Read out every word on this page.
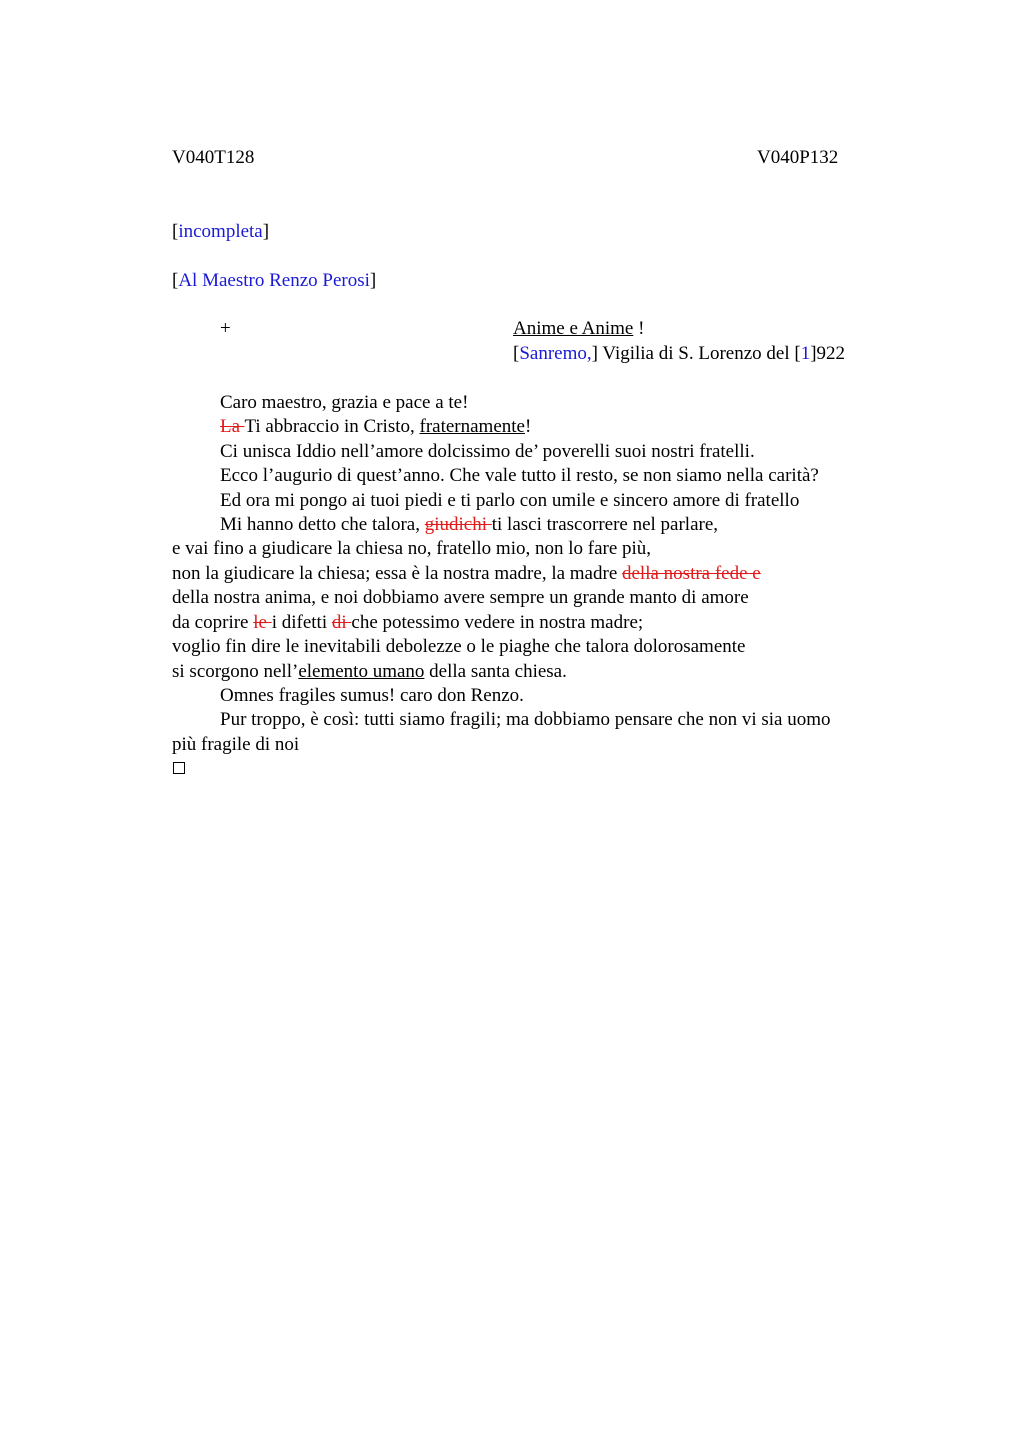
V040T128	V040P132
[incompleta]
[Al Maestro Renzo Perosi]
+	Anime e Anime !
[Sanremo,] Vigilia di S. Lorenzo del [1]922
Caro maestro, grazia e pace a te!
La Ti abbraccio in Cristo, fraternamente!
Ci unisca Iddio nell’amore dolcissimo de’ poverelli suoi nostri fratelli.
Ecco l’augurio di quest’anno. Che vale tutto il resto, se non siamo nella carità?
Ed ora mi pongo ai tuoi piedi e ti parlo con umile e sincero amore di fratello
Mi hanno detto che talora, giudichi ti lasci trascorrere nel parlare,
e vai fino a giudicare la chiesa no, fratello mio, non lo fare più,
non la giudicare la chiesa; essa è la nostra madre, la madre della nostra fede e
della nostra anima, e noi dobbiamo avere sempre un grande manto di amore
da coprire le i difetti di che potessimo vedere in nostra madre;
voglio fin dire le inevitabili debolezze o le piaghe che talora dolorosamente
si scorgono nell’elemento umano della santa chiesa.
Omnes fragiles sumus! caro don Renzo.
Pur troppo, è così: tutti siamo fragili; ma dobbiamo pensare che non vi sia uomo
più fragile di noi
